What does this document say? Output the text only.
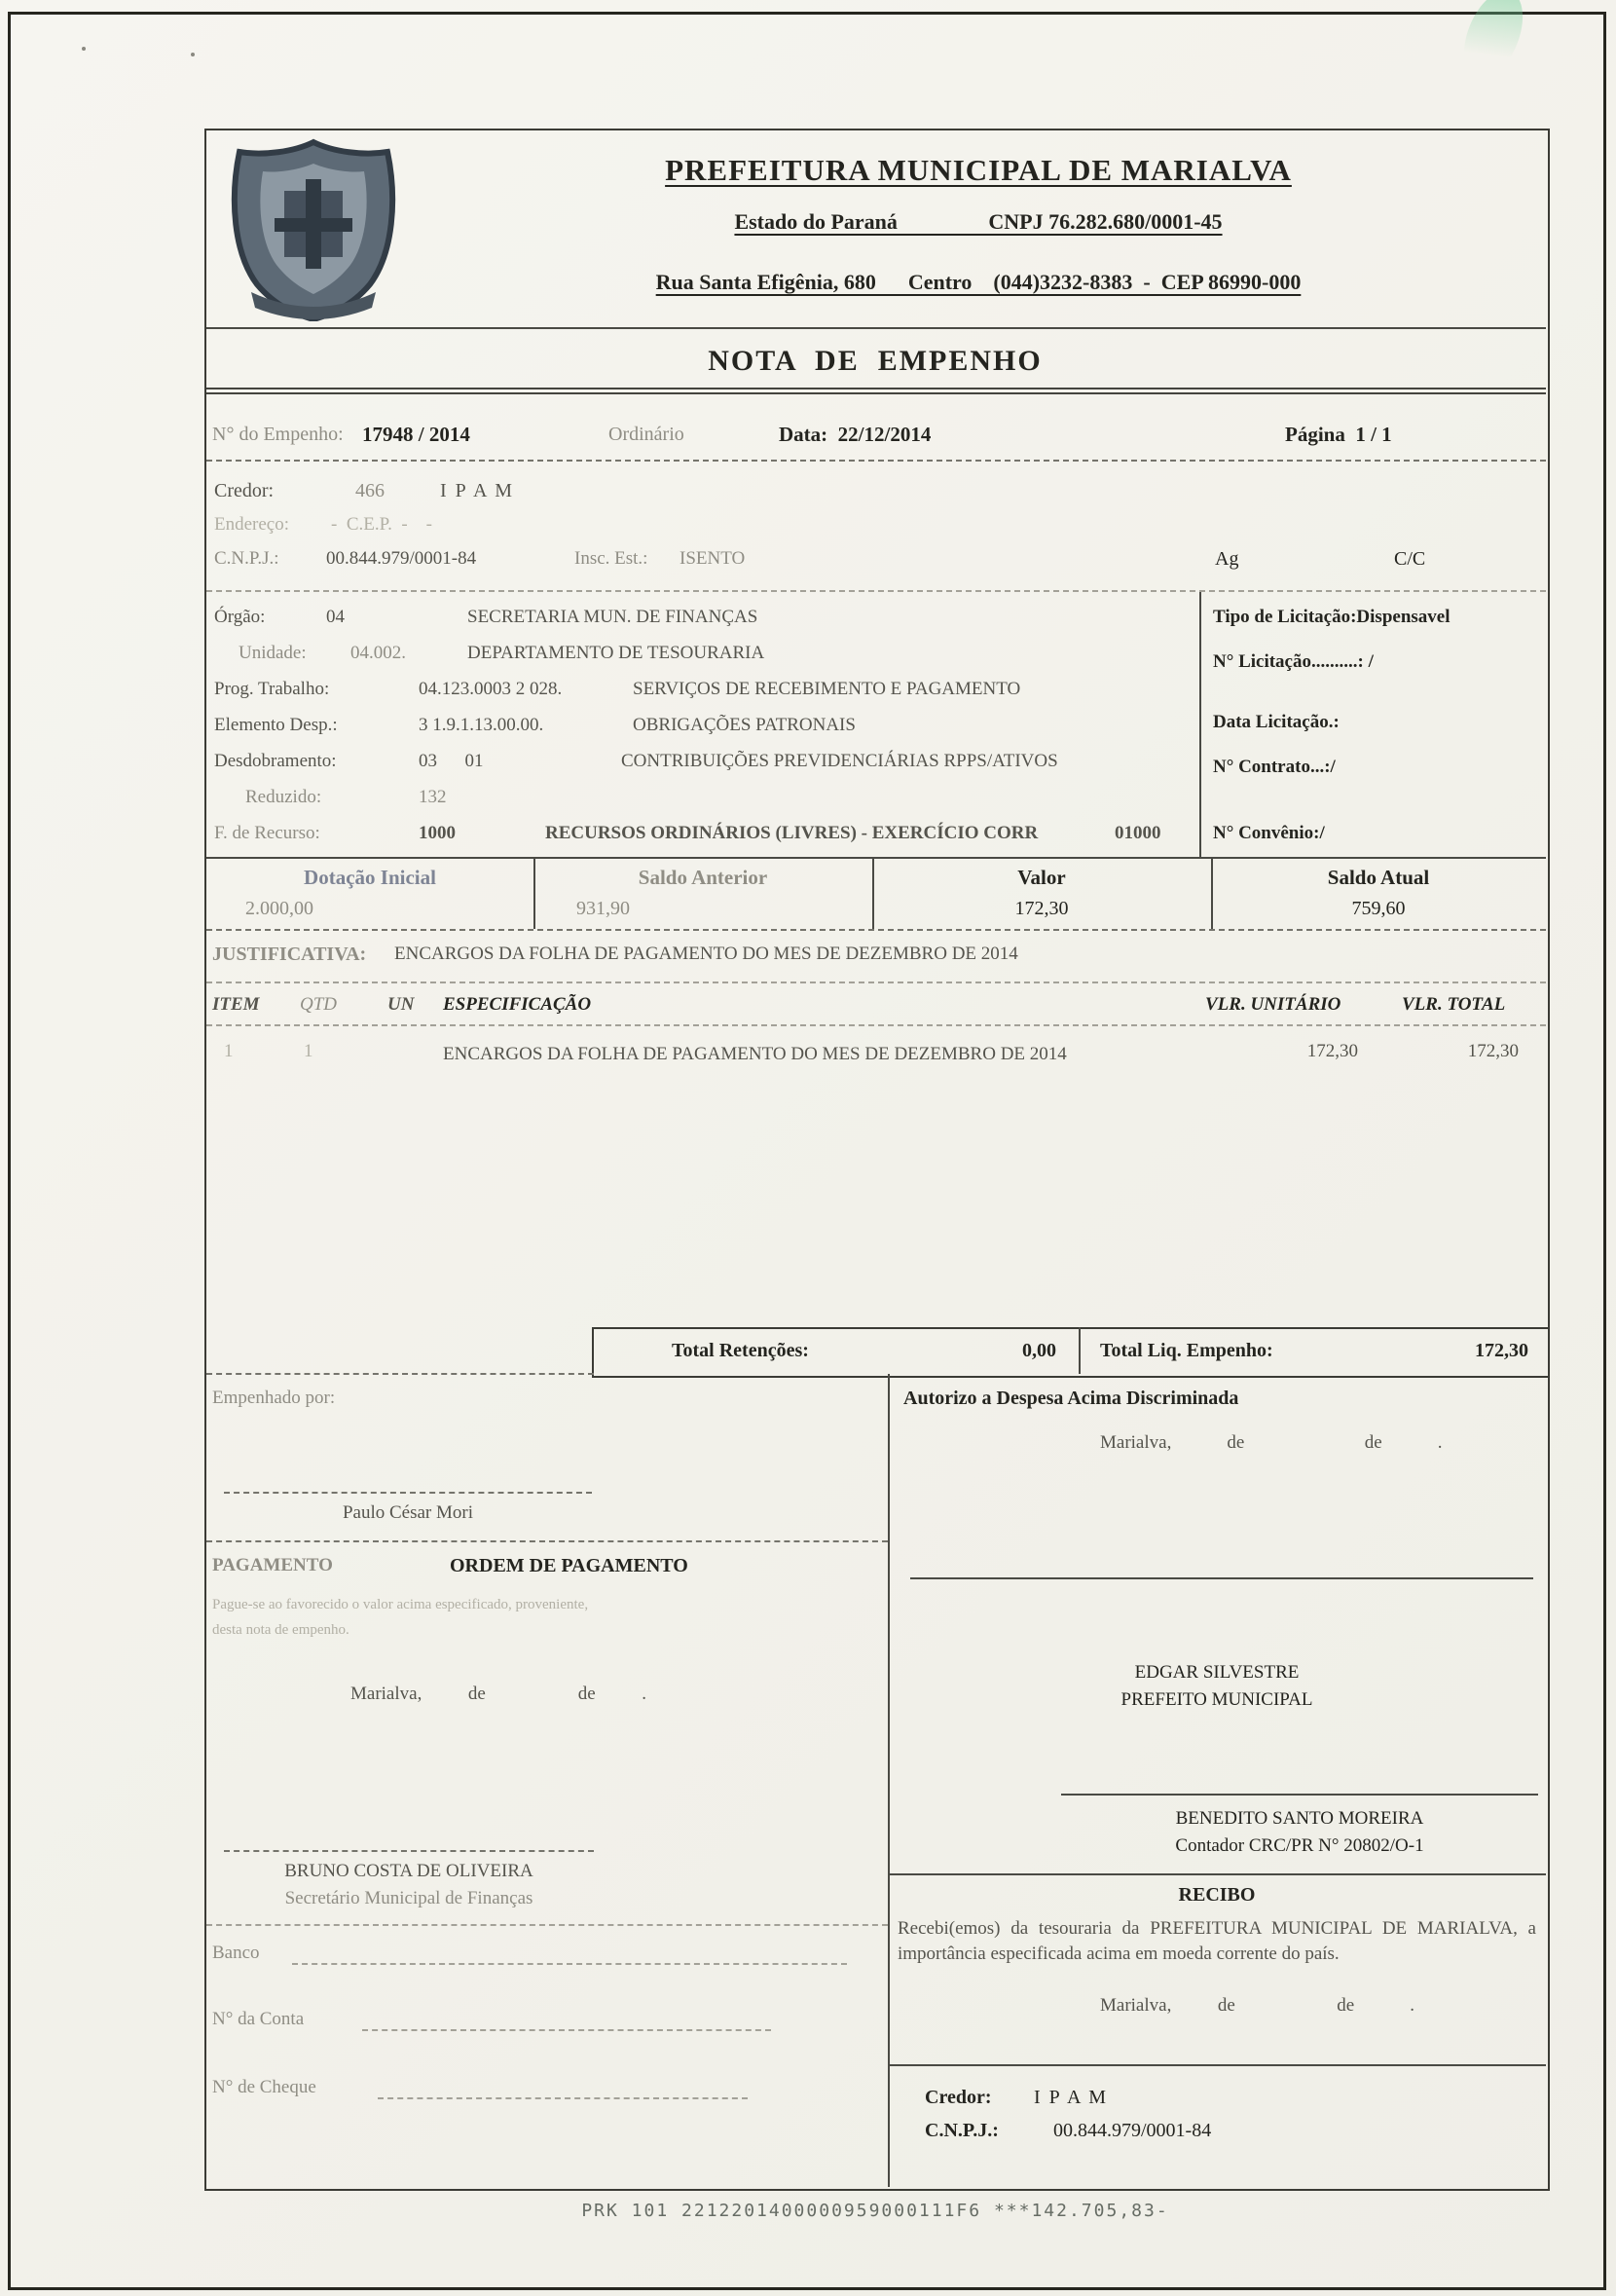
PREFEITURA MUNICIPAL DE MARIALVA
Estado do Paraná                 CNPJ 76.282.680/0001-45
Rua Santa Efigênia, 680      Centro    (044)3232-8383  -  CEP 86990-000
NOTA  DE  EMPENHO
N° do Empenho: 17948 / 2014	Ordinário	Data:  22/12/2014	Página  1 / 1
Credor:	466	I P A M
Endereço: -  C.E.P.  -    -
C.N.P.J.:	00.844.979/0001-84	Insc. Est.: ISENTO	Ag	C/C
Órgão:	04	SECRETARIA MUN. DE FINANÇAS
Unidade: 04.002.	DEPARTAMENTO DE TESOURARIA
Prog. Trabalho:	04.123.0003 2 028.	SERVIÇOS DE RECEBIMENTO E PAGAMENTO
Elemento Desp.:	3 1.9.1.13.00.00.	OBRIGAÇÕES PATRONAIS
Desdobramento:	03      01	CONTRIBUIÇÕES PREVIDENCIÁRIAS RPPS/ATIVOS
Reduzido:	132
F. de Recurso:	1000	RECURSOS ORDINÁRIOS (LIVRES) - EXERCÍCIO CORR	01000
Tipo de Licitação:Dispensavel
N° Licitação..........: /
Data Licitação.:
N° Contrato...:/
N° Convênio:/
Dotação Inicial	Saldo Anterior	Valor	Saldo Atual
2.000,00	931,90	172,30	759,60
JUSTIFICATIVA: ENCARGOS DA FOLHA DE PAGAMENTO DO MES DE DEZEMBRO DE 2014
ITEM QTD	UN ESPECIFICAÇÃO	VLR. UNITÁRIO	VLR. TOTAL
1	1	ENCARGOS DA FOLHA DE PAGAMENTO DO MES DE DEZEMBRO DE 2014	172,30	172,30
Total Retenções:	0,00 Total Liq. Empenho:	172,30
Empenhado por:
Paulo César Mori
PAGAMENTO	ORDEM DE PAGAMENTO
Pague-se ao favorecido o valor acima especificado, proveniente, desta nota de empenho.
Marialva,          de                    de          .
BRUNO COSTA DE OLIVEIRA
Secretário Municipal de Finanças
Banco
N° da Conta
N° de Cheque
Autorizo a Despesa Acima Discriminada
Marialva,            de                          de            .
EDGAR SILVESTRE
PREFEITO MUNICIPAL
BENEDITO SANTO MOREIRA
Contador CRC/PR N° 20802/O-1
RECIBO
Recebi(emos) da tesouraria da PREFEITURA MUNICIPAL DE MARIALVA, a importância especificada acima em moeda corrente do país.
Marialva,          de                      de            .
Credor: I P A M
C.N.P.J.:	00.844.979/0001-84
PRK 101 2212201400000959000111F6 ***142.705,83-
